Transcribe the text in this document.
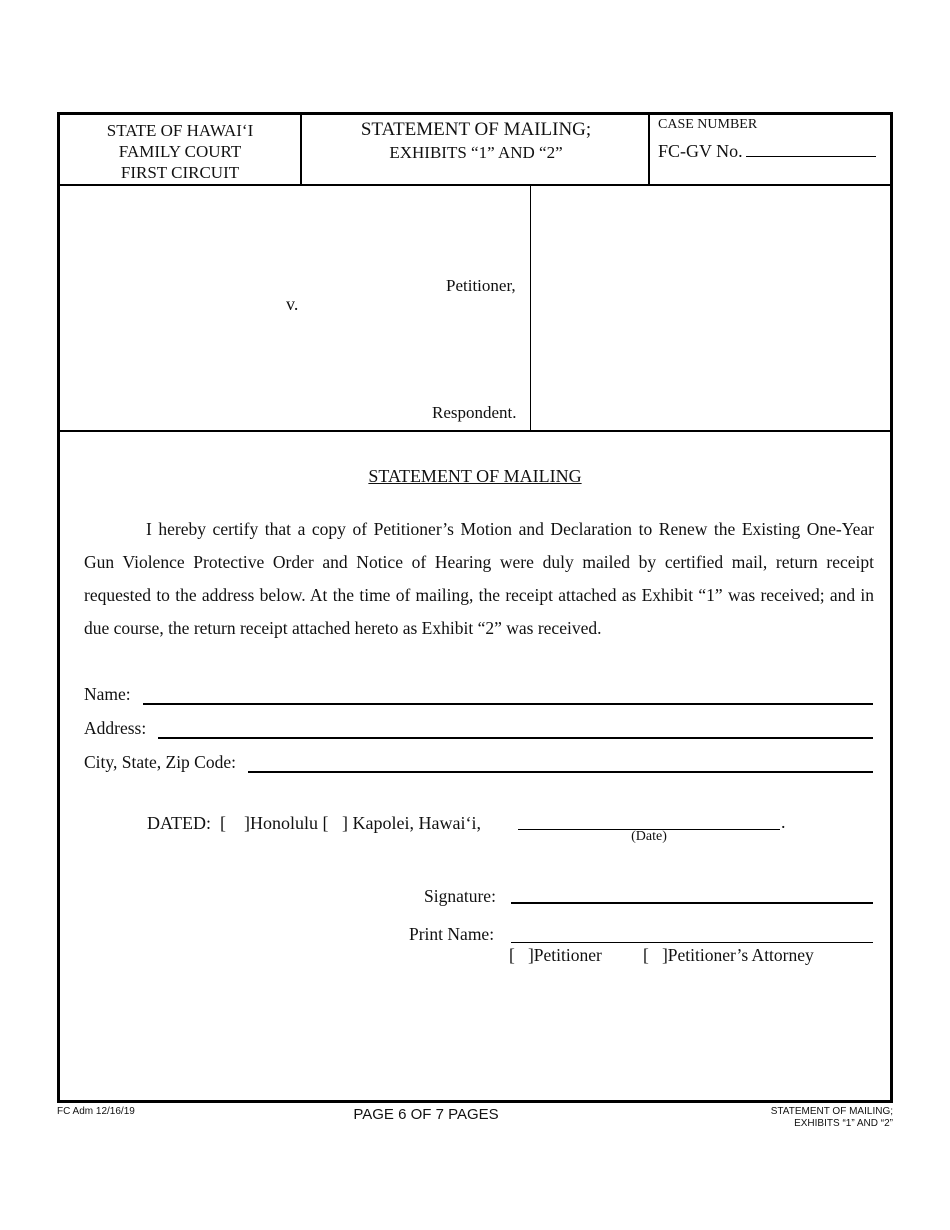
STATE OF HAWAI‘I
FAMILY COURT
FIRST CIRCUIT
STATEMENT OF MAILING;
EXHIBITS “1” AND “2”
CASE NUMBER
FC-GV No.
Petitioner,
v.
Respondent.
STATEMENT OF MAILING
I hereby certify that a copy of Petitioner’s Motion and Declaration to Renew the Existing One-Year Gun Violence Protective Order and Notice of Hearing were duly mailed by certified mail, return receipt requested to the address below. At the time of mailing, the receipt attached as Exhibit “1” was received; and in due course, the return receipt attached hereto as Exhibit “2” was received.
Name:
Address:
City, State, Zip Code:
DATED:  [    ]Honolulu [   ] Kapolei, Hawai‘i,	.
(Date)
Signature:
Print Name:
[   ]Petitioner [   ]Petitioner’s Attorney
FC Adm 12/16/19	PAGE 6 OF 7 PAGES	STATEMENT OF MAILING;
EXHIBITS “1” AND “2”
